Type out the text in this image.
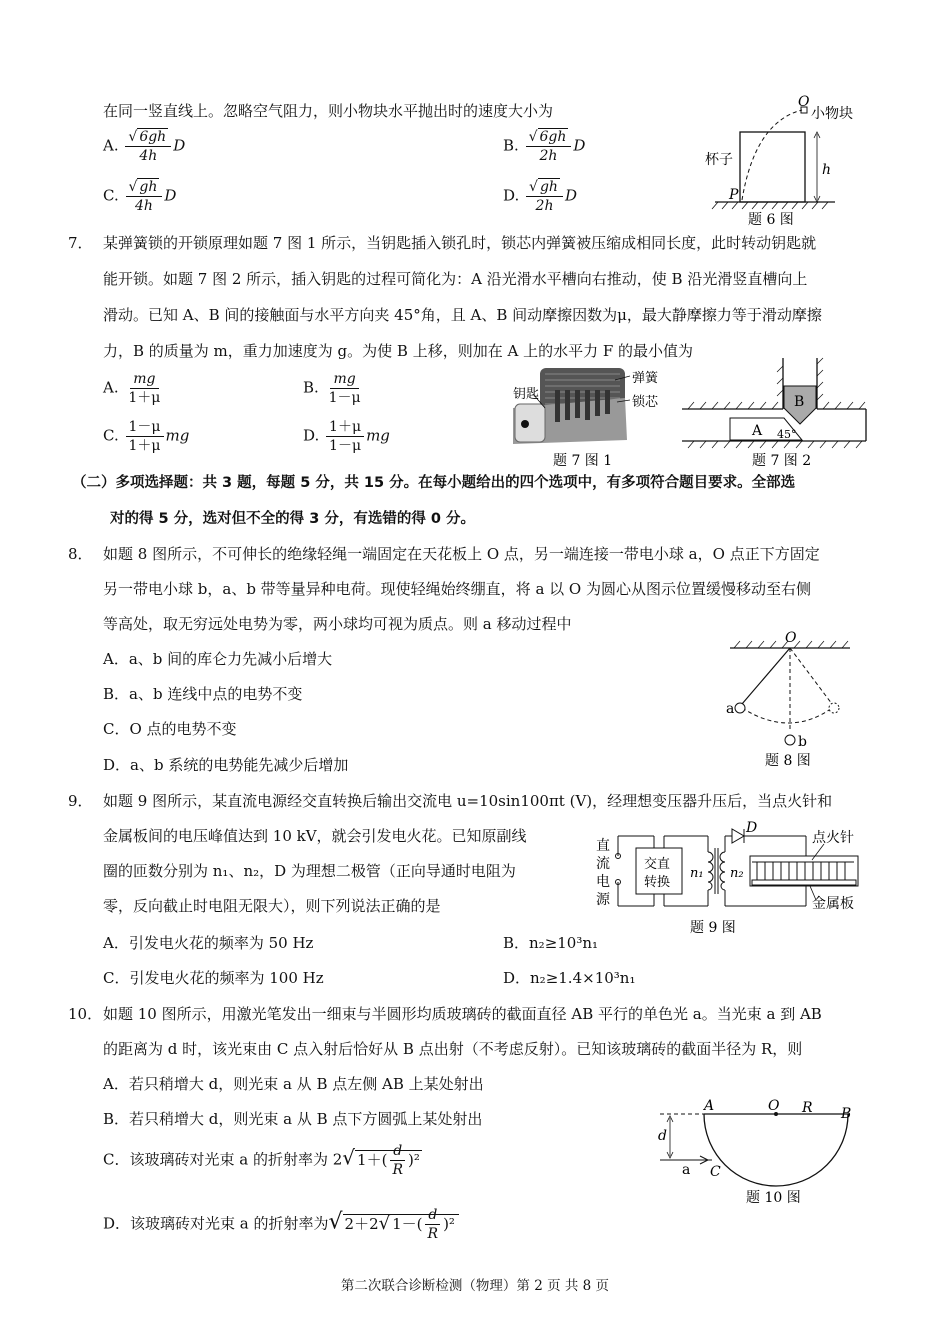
在同一竖直线上。忽略空气阻力，则小物块水平抛出时的速度大小为
A. $\frac{√ 6gh}{4h}$ D	B. $\frac{√ 6gh}{2h}$ D
C. $\frac{√ gh}{4h}$ D	D. $\frac{√ gh}{2h}$ D
O
小物块
杯子
h
P
题 6 图
7． 某弹簧锁的开锁原理如题 7 图 1 所示，当钥匙插入锁孔时，锁芯内弹簧被压缩成相同长度，此时转动钥匙就
能开锁。如题 7 图 2 所示，插入钥匙的过程可简化为：A 沿光滑水平槽向右推动，使 B 沿光滑竖直槽向上
滑动。已知 A、B 间的接触面与水平方向夹 45°角，且 A、B 间动摩擦因数为μ，最大静摩擦力等于滑动摩擦
力，B 的质量为 m，重力加速度为 g。为使 B 上移，则加在 A 上的水平力 F 的最小值为
A. $\frac{mg}{1+\mu}$	B. $\frac{mg}{1-\mu}$
C. $\frac{1-\mu}{1+\mu}$ mg	D. $\frac{1+\mu}{1-\mu}$ mg
钥匙
弹簧
锁芯
题 7 图 1
B
A 45°
题 7 图 2
（二）多项选择题：共 3 题，每题 5 分，共 15 分。在每小题给出的四个选项中，有多项符合题目要求。全部选
对的得 5 分，选对但不全的得 3 分，有选错的得 0 分。
8． 如题 8 图所示，不可伸长的绝缘轻绳一端固定在天花板上 O 点，另一端连接一带电小球 a，O 点正下方固定
另一带电小球 b，a、b 带等量异种电荷。现使轻绳始终绷直，将 a 以 O 为圆心从图示位置缓慢移动至右侧
等高处，取无穷远处电势为零，两小球均可视为质点。则 a 移动过程中
A．a、b 间的库仑力先减小后增大
B．a、b 连线中点的电势不变
C．O 点的电势不变
D．a、b 系统的电势能先减少后增加
O
a
b
题 8 图
9． 如题 9 图所示，某直流电源经交直转换后输出交流电 u=10sin100πt (V)，经理想变压器升压后，当点火针和
金属板间的电压峰值达到 10 kV，就会引发电火花。已知原副线
圈的匝数分别为 n₁、n₂，D 为理想二极管（正向导通时电阻为
零，反向截止时电阻无限大），则下列说法正确的是
A．引发电火花的频率为 50 Hz	B．n₂≥10³n₁
C．引发电火花的频率为 100 Hz	D．n₂≥1.4×10³n₁
直
流
电
源
交直
转换
n₁ n₂
D
点火针
金属板
题 9 图
10． 如题 10 图所示，用激光笔发出一细束与半圆形均质玻璃砖的截面直径 AB 平行的单色光 a。当光束 a 到 AB
的距离为 d 时，该光束由 C 点入射后恰好从 B 点出射（不考虑反射）。已知该玻璃砖的截面半径为 R，则
A．若只稍增大 d，则光束 a 从 B 点左侧 AB 上某处射出
B．若只稍增大 d，则光束 a 从 B 点下方圆弧上某处射出
C．该玻璃砖对光束 a 的折射率为 2√ $1+( \frac{d}{R} )^2$
D．该玻璃砖对光束 a 的折射率为√ 2＋2√ $1-( \frac{d}{R} )^2$
A	O R B
d
a C
题 10 图
第二次联合诊断检测（物理）第 2 页 共 8 页
